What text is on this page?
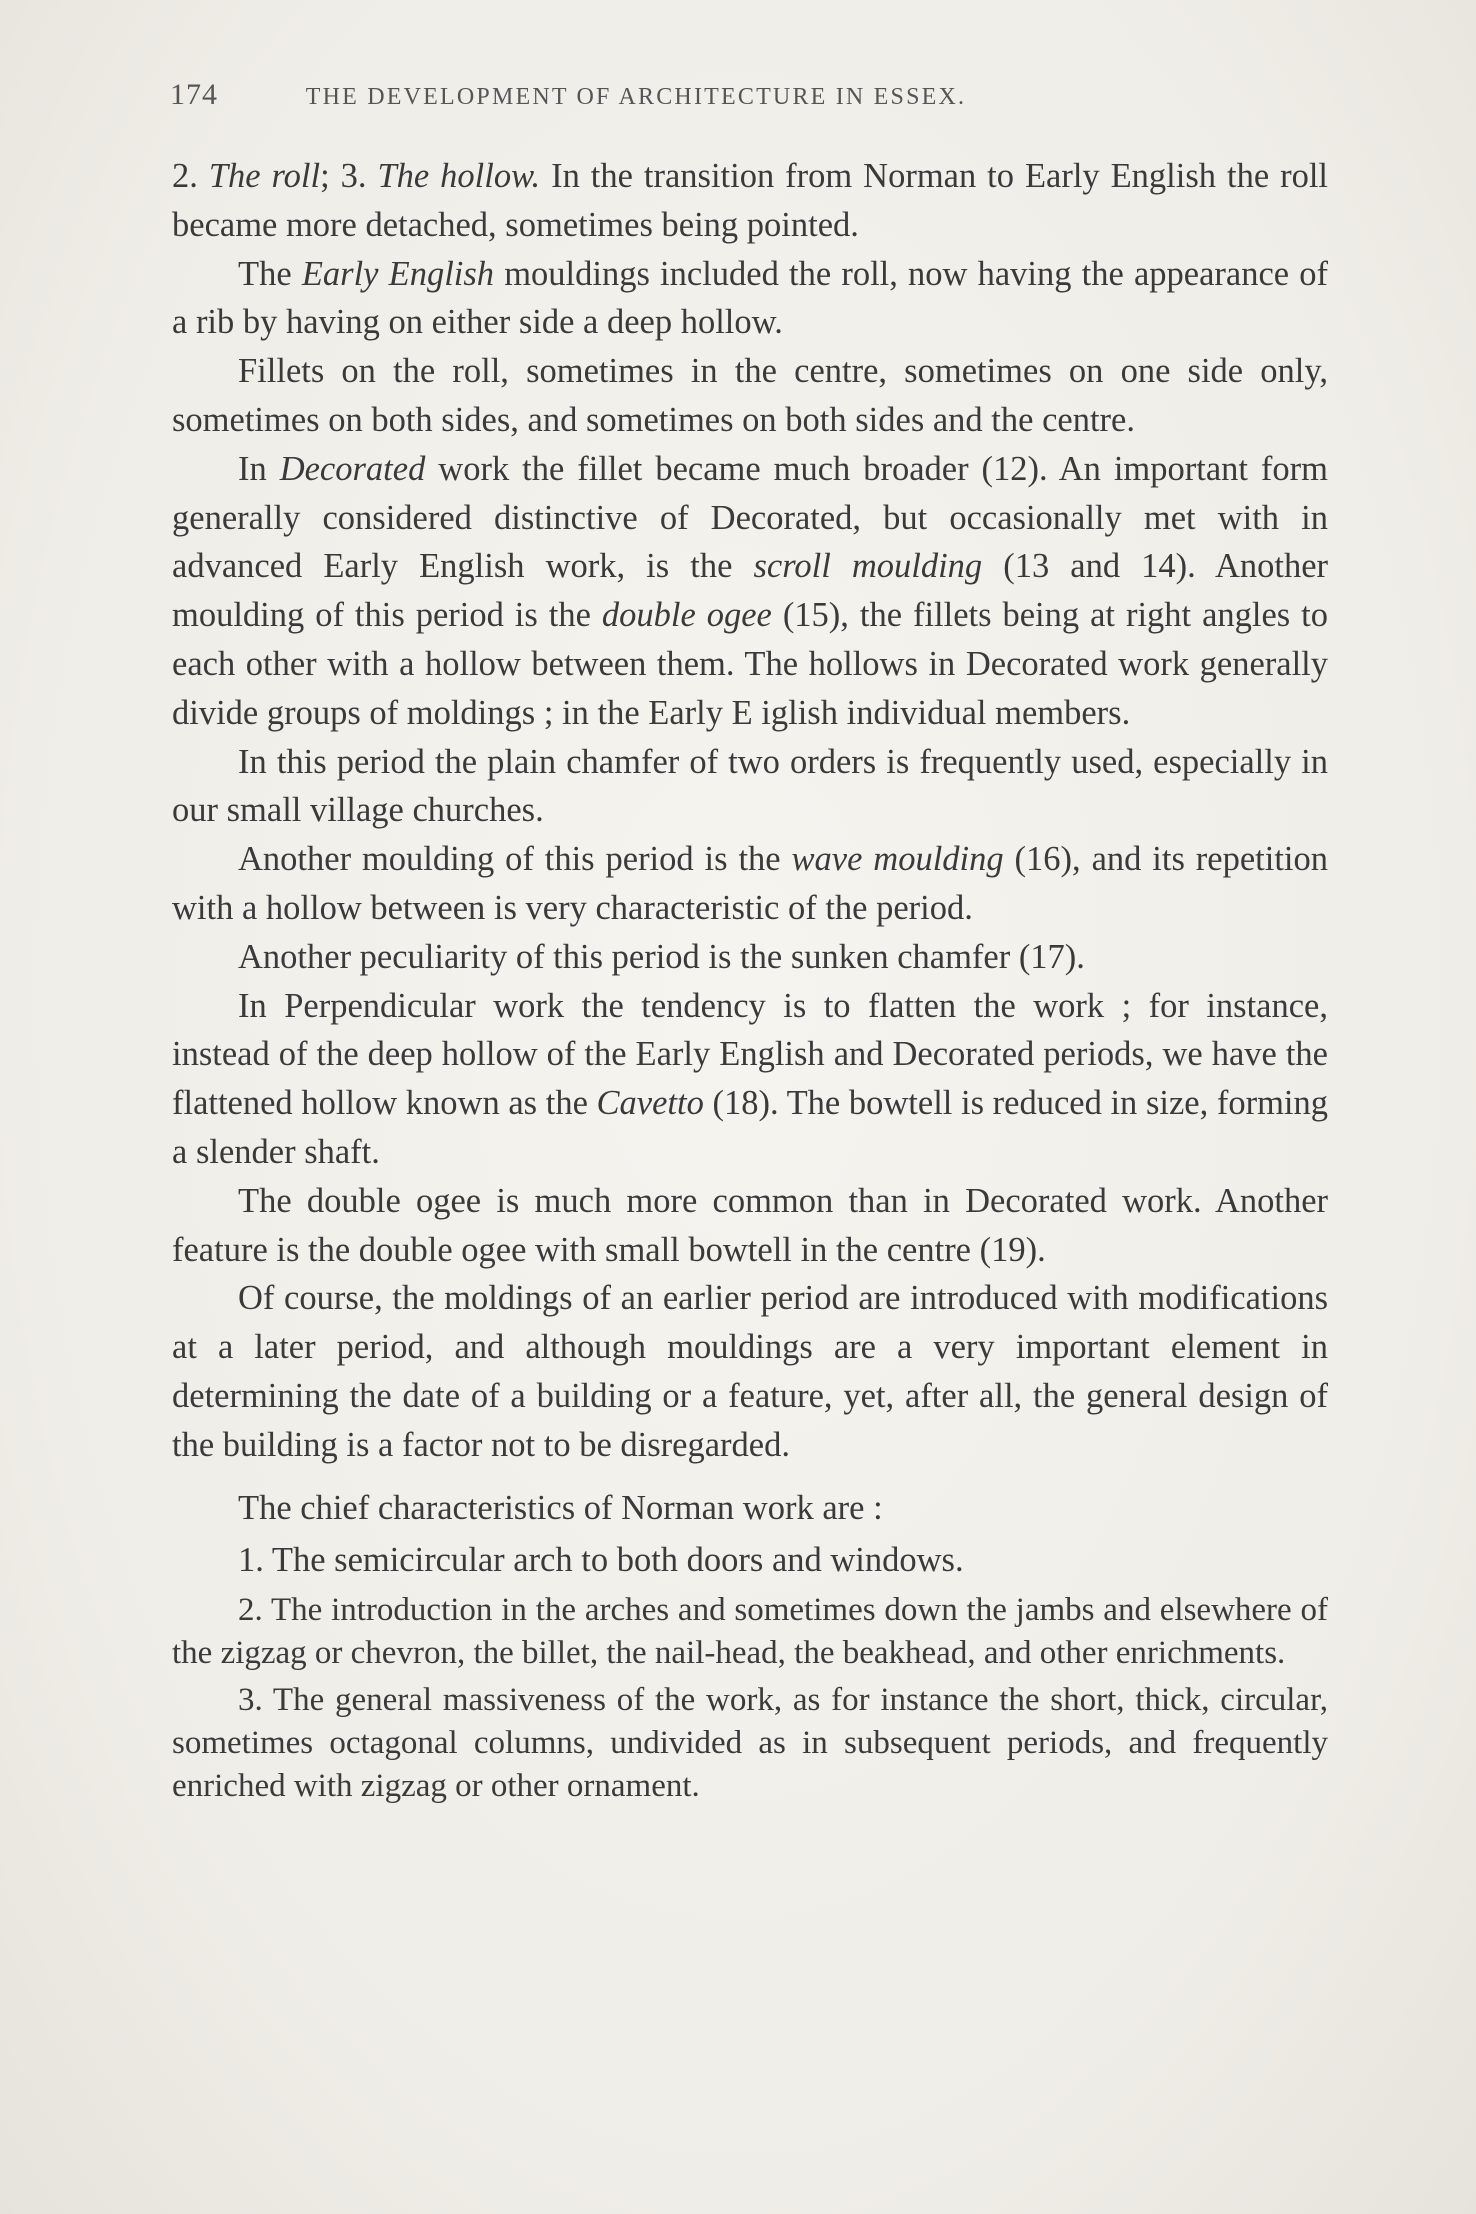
174	THE DEVELOPMENT OF ARCHITECTURE IN ESSEX.

2. The roll; 3. The hollow. In the transition from Norman to Early English the roll became more detached, sometimes being pointed.

The Early English mouldings included the roll, now having the appearance of a rib by having on either side a deep hollow.

Fillets on the roll, sometimes in the centre, sometimes on one side only, sometimes on both sides, and sometimes on both sides and the centre.

In Decorated work the fillet became much broader (12). An important form generally considered distinctive of Decorated, but occasionally met with in advanced Early English work, is the scroll moulding (13 and 14). Another moulding of this period is the double ogee (15), the fillets being at right angles to each other with a hollow between them. The hollows in Decorated work generally divide groups of moldings ; in the Early E iglish individual members.

In this period the plain chamfer of two orders is frequently used, especially in our small village churches.

Another moulding of this period is the wave moulding (16), and its repetition with a hollow between is very characteristic of the period.

Another peculiarity of this period is the sunken chamfer (17).

In Perpendicular work the tendency is to flatten the work ; for instance, instead of the deep hollow of the Early English and Decorated periods, we have the flattened hollow known as the Cavetto (18). The bowtell is reduced in size, forming a slender shaft.

The double ogee is much more common than in Decorated work. Another feature is the double ogee with small bowtell in the centre (19).

Of course, the moldings of an earlier period are introduced with modifications at a later period, and although mouldings are a very important element in determining the date of a building or a feature, yet, after all, the general design of the building is a factor not to be disregarded.

The chief characteristics of Norman work are :

1. The semicircular arch to both doors and windows.

2. The introduction in the arches and sometimes down the jambs and elsewhere of the zigzag or chevron, the billet, the nail-head, the beakhead, and other enrichments.

3. The general massiveness of the work, as for instance the short, thick, circular, sometimes octagonal columns, undivided as in subsequent periods, and frequently enriched with zigzag or other ornament.
